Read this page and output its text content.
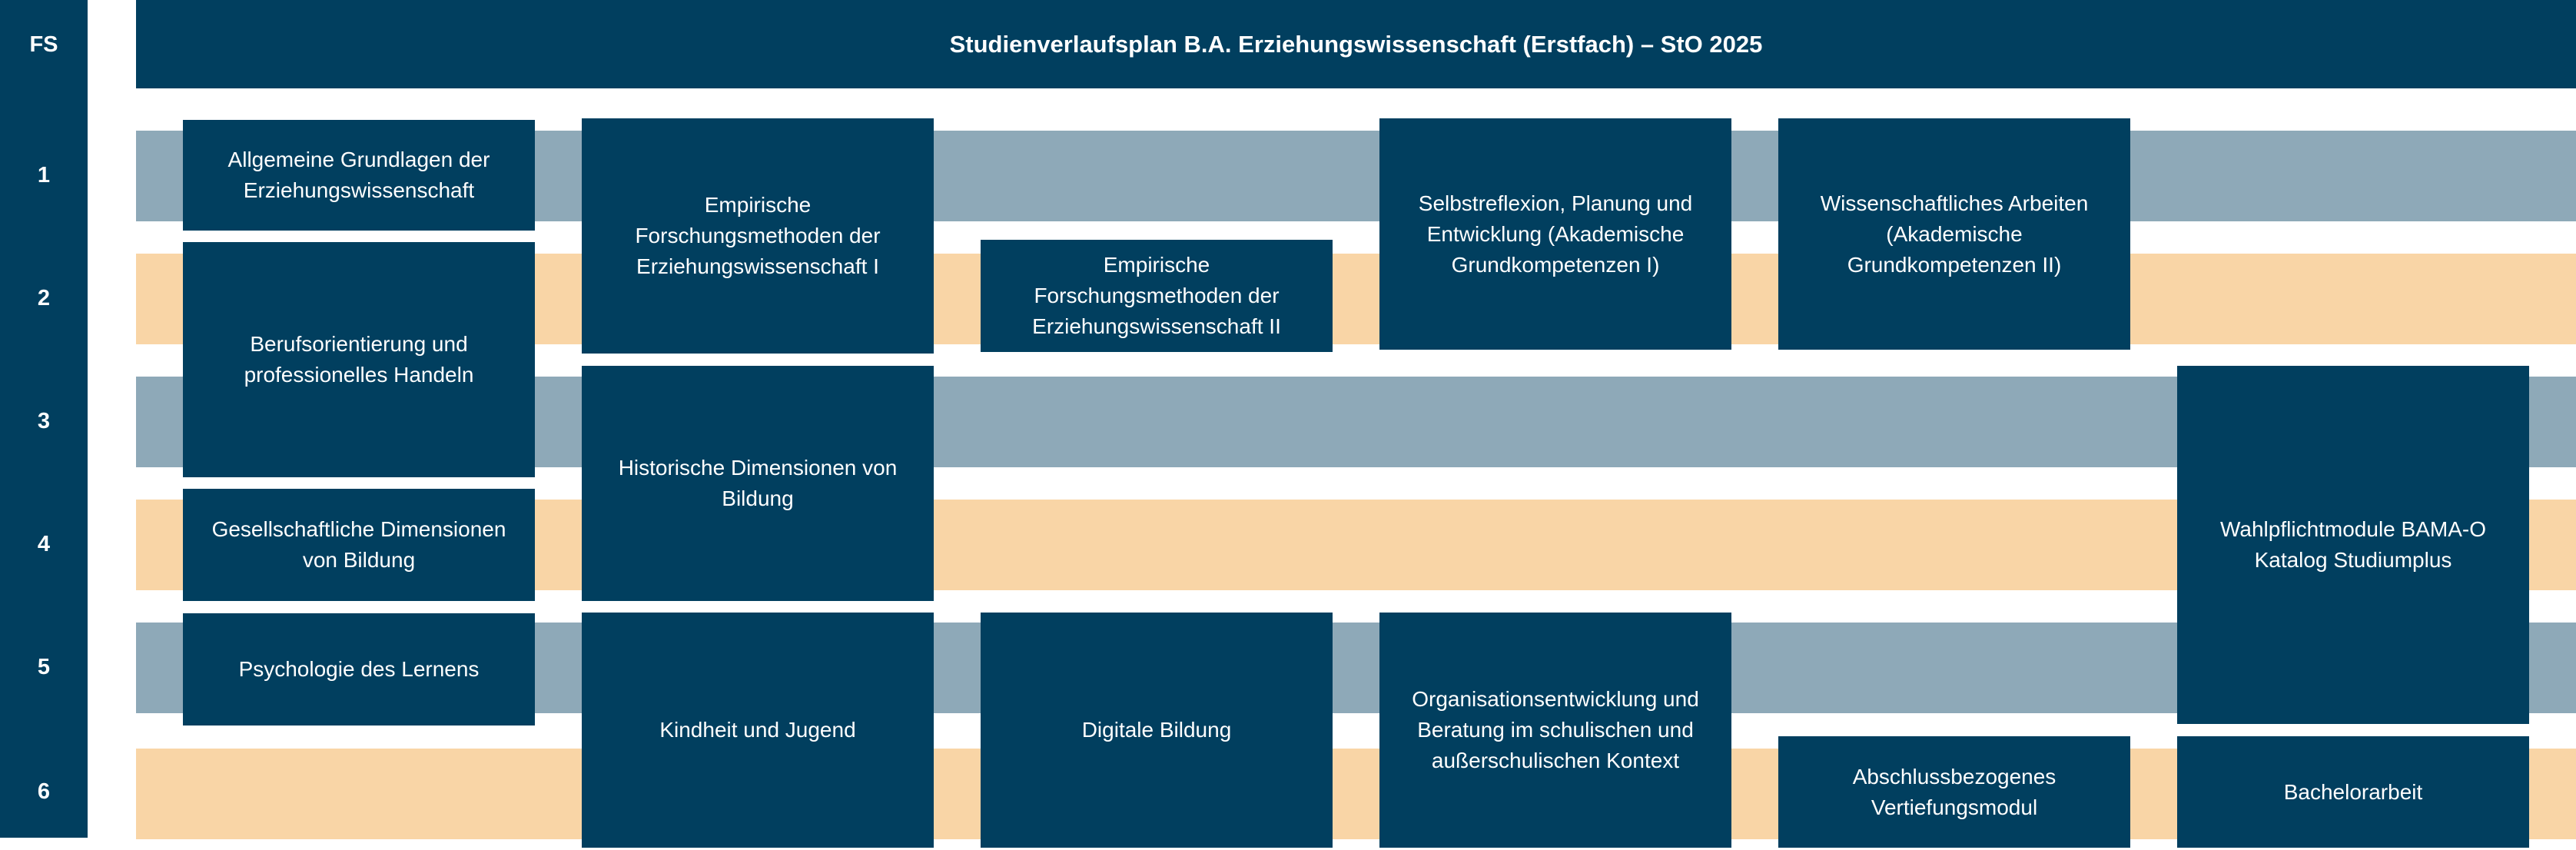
FS
1
2
3
4
5
6
Studienverlaufsplan B.A. Erziehungswissenschaft (Erstfach) – StO 2025
Allgemeine Grundlagen der
Erziehungswissenschaft
Berufsorientierung und
professionelles Handeln
Gesellschaftliche Dimensionen
von Bildung
Psychologie des Lernens
Empirische
Forschungsmethoden der
Erziehungswissenschaft I
Historische Dimensionen von
Bildung
Kindheit und Jugend
Empirische
Forschungsmethoden der
Erziehungswissenschaft II
Digitale Bildung
Selbstreflexion, Planung und
Entwicklung (Akademische
Grundkompetenzen I)
Organisationsentwicklung und
Beratung im schulischen und
außerschulischen Kontext
Wissenschaftliches Arbeiten
(Akademische
Grundkompetenzen II)
Abschlussbezogenes
Vertiefungsmodul
Wahlpflichtmodule BAMA-O
Katalog Studiumplus
Bachelorarbeit
